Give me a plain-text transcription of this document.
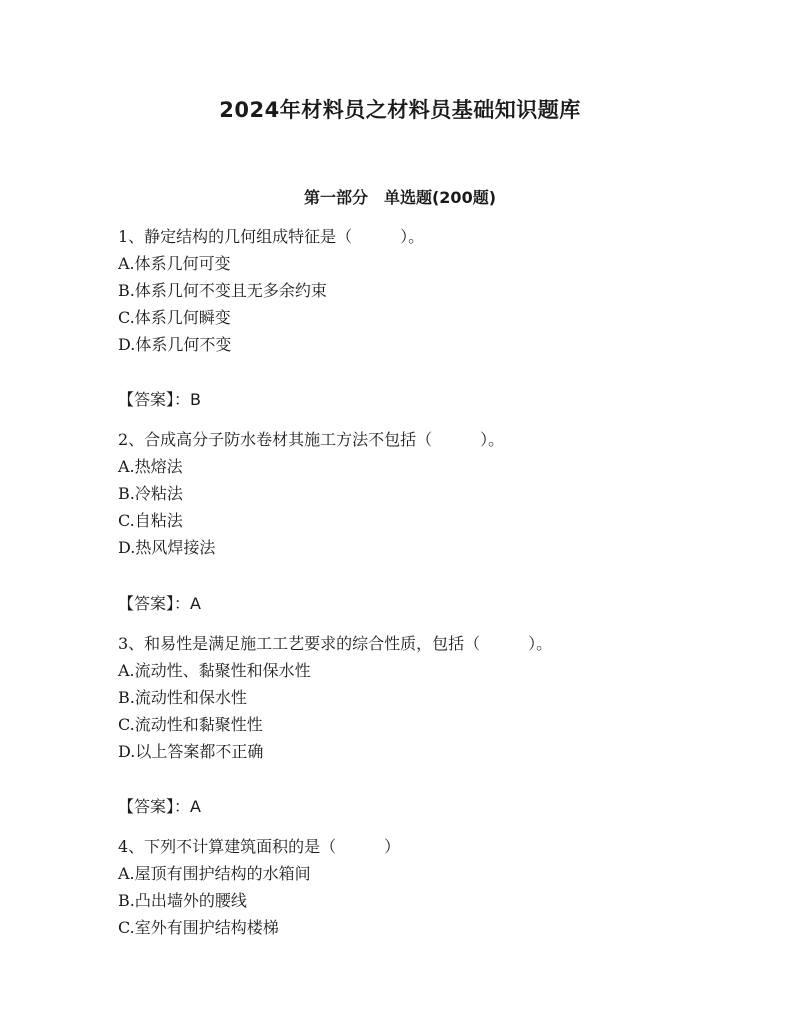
2024年材料员之材料员基础知识题库
第一部分　单选题(200题)
1、静定结构的几何组成特征是（　　　）。
A.体系几何可变
B.体系几何不变且无多余约束
C.体系几何瞬变
D.体系几何不变
【答案】：B
2、合成高分子防水卷材其施工方法不包括（　　　）。
A.热熔法
B.冷粘法
C.自粘法
D.热风焊接法
【答案】：A
3、和易性是满足施工工艺要求的综合性质，包括（　　　）。
A.流动性、黏聚性和保水性
B.流动性和保水性
C.流动性和黏聚性性
D.以上答案都不正确
【答案】：A
4、下列不计算建筑面积的是（　　　）
A.屋顶有围护结构的水箱间
B.凸出墙外的腰线
C.室外有围护结构楼梯
